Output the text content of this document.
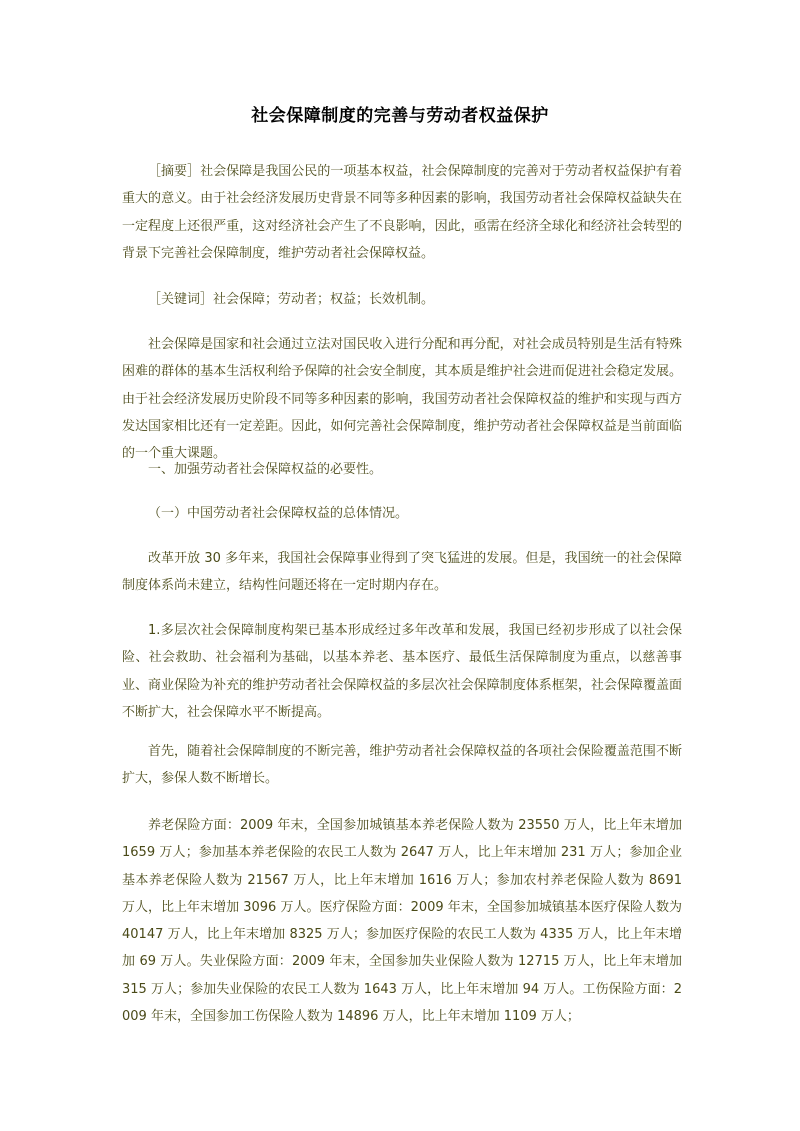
社会保障制度的完善与劳动者权益保护

［摘要］社会保障是我国公民的一项基本权益，社会保障制度的完善对于劳动者权益保护有着重大的意义。由于社会经济发展历史背景不同等多种因素的影响，我国劳动者社会保障权益缺失在一定程度上还很严重，这对经济社会产生了不良影响，因此，亟需在经济全球化和经济社会转型的背景下完善社会保障制度，维护劳动者社会保障权益。

［关键词］社会保障；劳动者；权益；长效机制。

社会保障是国家和社会通过立法对国民收入进行分配和再分配，对社会成员特别是生活有特殊困难的群体的基本生活权利给予保障的社会安全制度，其本质是维护社会进而促进社会稳定发展。由于社会经济发展历史阶段不同等多种因素的影响，我国劳动者社会保障权益的维护和实现与西方发达国家相比还有一定差距。因此，如何完善社会保障制度，维护劳动者社会保障权益是当前面临的一个重大课题。

一、加强劳动者社会保障权益的必要性。

（一）中国劳动者社会保障权益的总体情况。

改革开放 30 多年来，我国社会保障事业得到了突飞猛进的发展。但是，我国统一的社会保障制度体系尚未建立，结构性问题还将在一定时期内存在。

1.多层次社会保障制度构架已基本形成经过多年改革和发展，我国已经初步形成了以社会保险、社会救助、社会福利为基础，以基本养老、基本医疗、最低生活保障制度为重点，以慈善事业、商业保险为补充的维护劳动者社会保障权益的多层次社会保障制度体系框架，社会保障覆盖面不断扩大，社会保障水平不断提高。

首先，随着社会保障制度的不断完善，维护劳动者社会保障权益的各项社会保险覆盖范围不断扩大，参保人数不断增长。

养老保险方面：2009 年末，全国参加城镇基本养老保险人数为 23550 万人，比上年末增加 1659 万人；参加基本养老保险的农民工人数为 2647 万人，比上年末增加 231 万人；参加企业基本养老保险人数为 21567 万人，比上年末增加 1616 万人；参加农村养老保险人数为 8691 万人，比上年末增加 3096 万人。医疗保险方面：2009 年末，全国参加城镇基本医疗保险人数为 40147 万人，比上年末增加 8325 万人；参加医疗保险的农民工人数为 4335 万人，比上年末增加 69 万人。失业保险方面：2009 年末，全国参加失业保险人数为 12715 万人，比上年末增加 315 万人；参加失业保险的农民工人数为 1643 万人，比上年末增加 94 万人。工伤保险方面：2009 年末，全国参加工伤保险人数为 14896 万人，比上年末增加 1109 万人；
